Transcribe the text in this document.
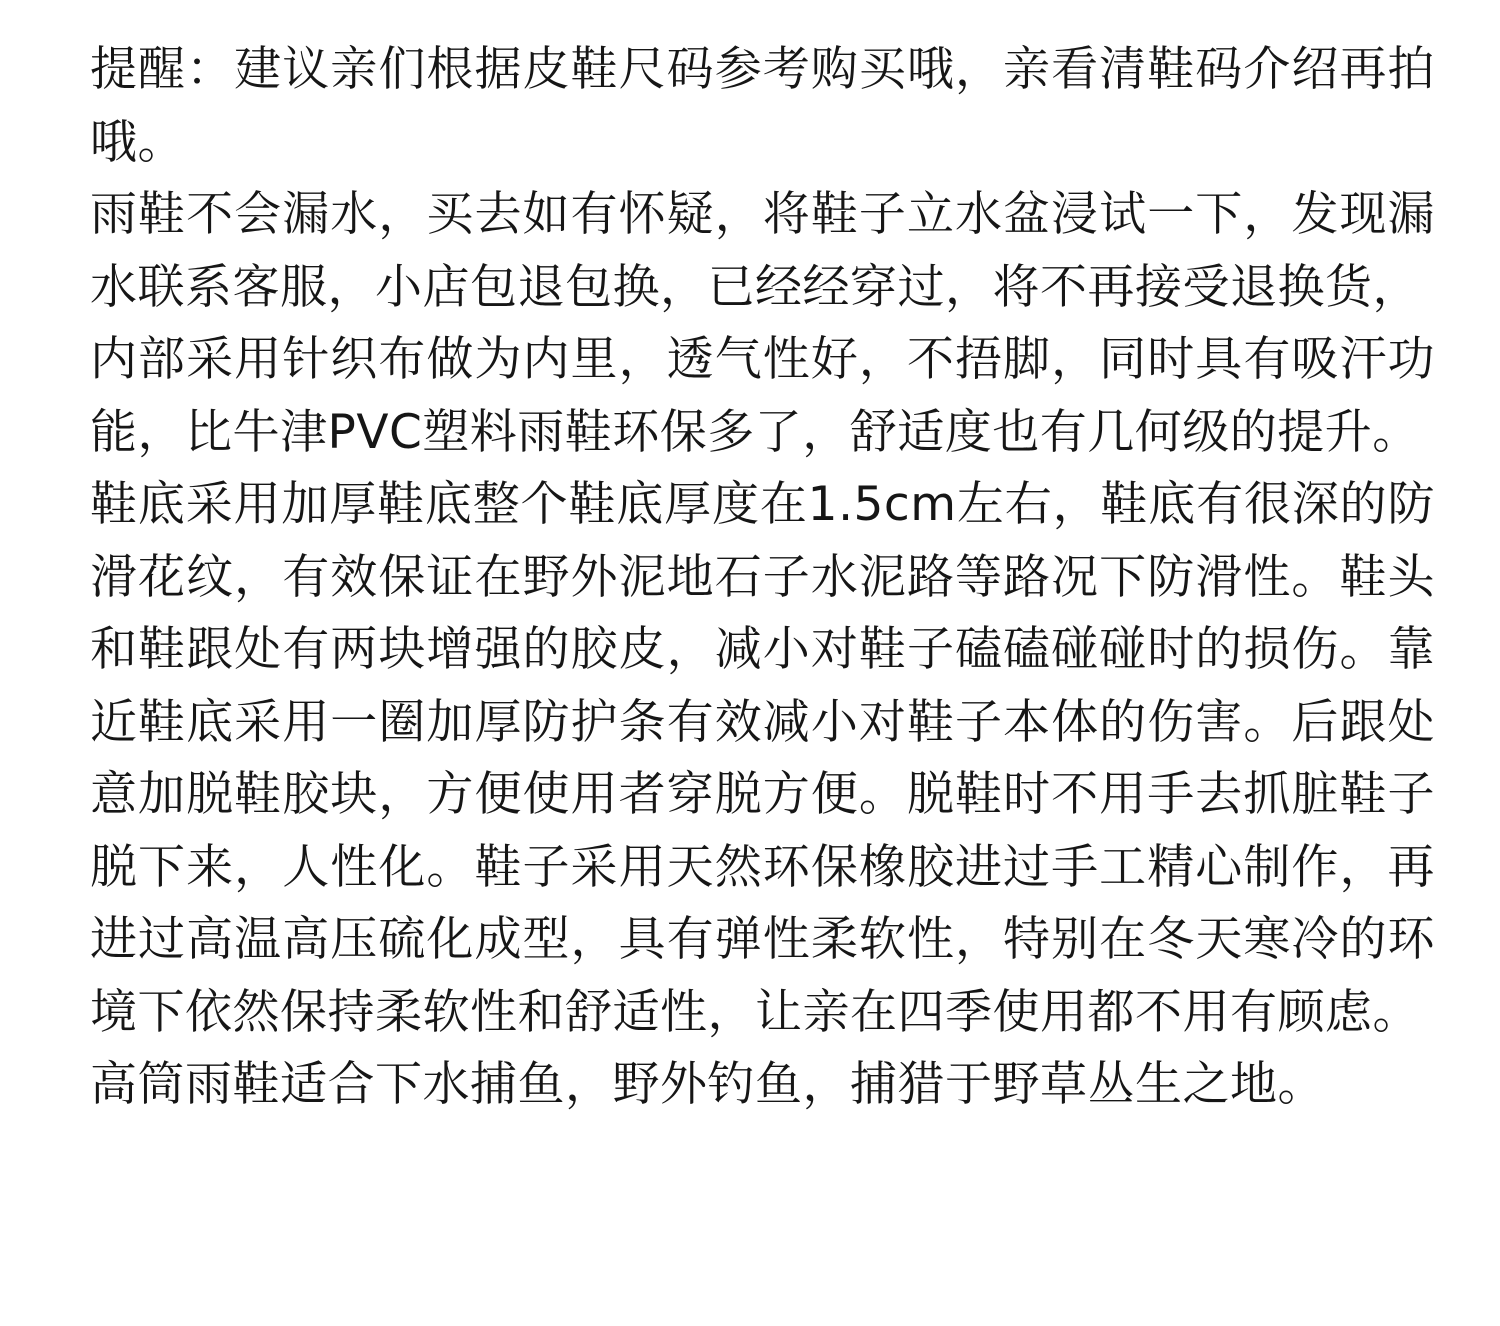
提醒：建议亲们根据皮鞋尺码参考购买哦，亲看清鞋码介绍再拍哦。

雨鞋不会漏水，买去如有怀疑，将鞋子立水盆浸试一下，发现漏水联系客服，小店包退包换，已经经穿过，将不再接受退换货，

内部采用针织布做为内里，透气性好，不捂脚，同时具有吸汗功能，比牛津PVC塑料雨鞋环保多了，舒适度也有几何级的提升。

鞋底采用加厚鞋底整个鞋底厚度在1.5cm左右，鞋底有很深的防滑花纹，有效保证在野外泥地石子水泥路等路况下防滑性。鞋头和鞋跟处有两块增强的胶皮，减小对鞋子磕磕碰碰时的损伤。靠近鞋底采用一圈加厚防护条有效减小对鞋子本体的伤害。后跟处意加脱鞋胶块，方便使用者穿脱方便。脱鞋时不用手去抓脏鞋子脱下来，人性化。鞋子采用天然环保橡胶进过手工精心制作，再进过高温高压硫化成型，具有弹性柔软性，特别在冬天寒冷的环境下依然保持柔软性和舒适性，让亲在四季使用都不用有顾虑。

高筒雨鞋适合下水捕鱼，野外钓鱼，捕猎于野草丛生之地。
